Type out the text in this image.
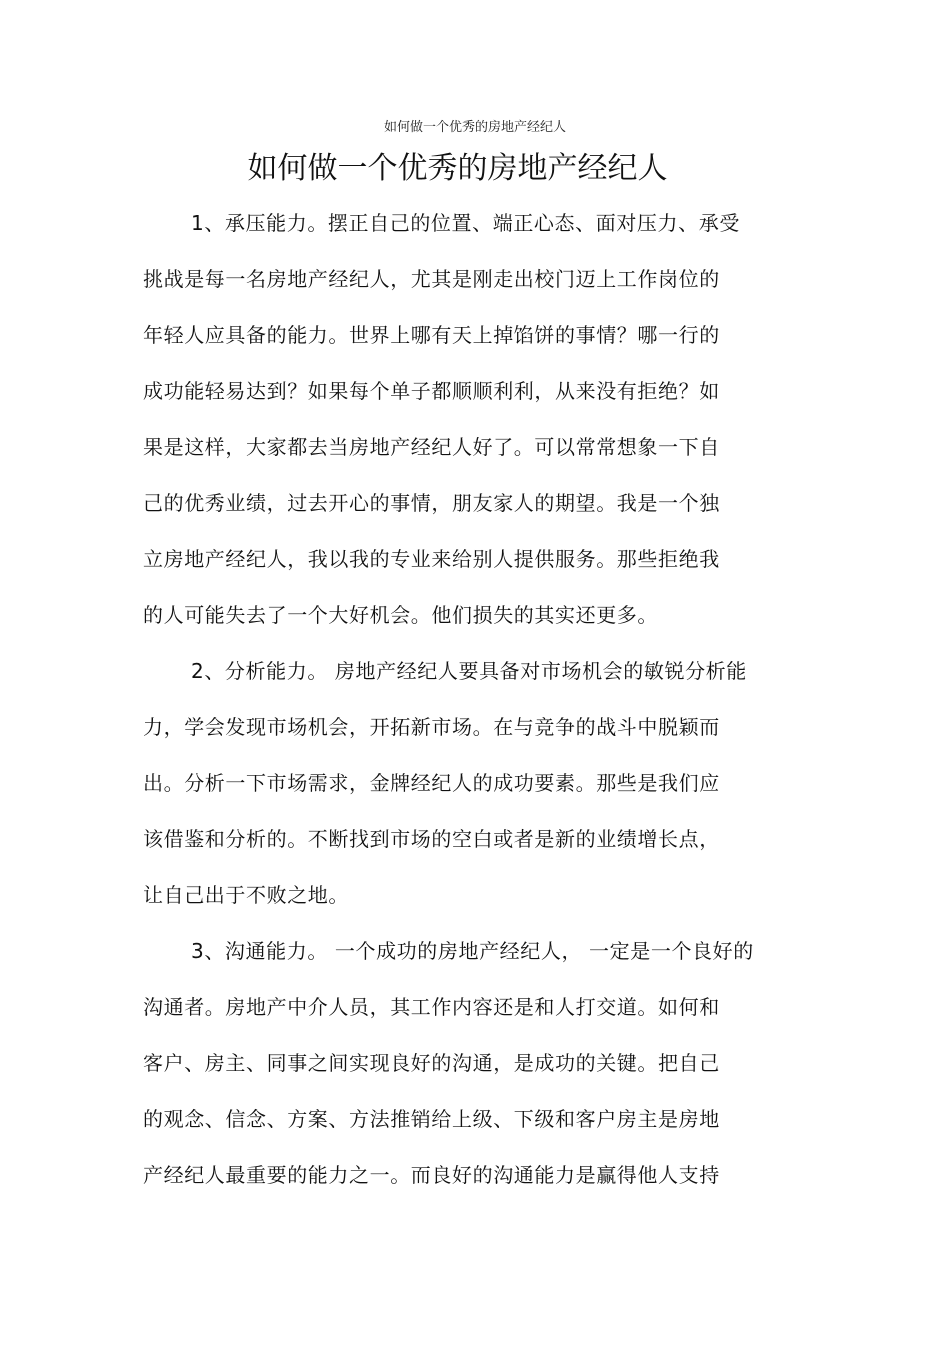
如何做一个优秀的房地产经纪人
如何做一个优秀的房地产经纪人
1、承压能力。摆正自己的位置、端正心态、面对压力、承受
挑战是每一名房地产经纪人，尤其是刚走出校门迈上工作岗位的
年轻人应具备的能力。世界上哪有天上掉馅饼的事情？哪一行的
成功能轻易达到？如果每个单子都顺顺利利，从来没有拒绝？如
果是这样，大家都去当房地产经纪人好了。可以常常想象一下自
己的优秀业绩，过去开心的事情，朋友家人的期望。我是一个独
立房地产经纪人，我以我的专业来给别人提供服务。那些拒绝我
的人可能失去了一个大好机会。他们损失的其实还更多。
2、分析能力。 房地产经纪人要具备对市场机会的敏锐分析能
力，学会发现市场机会，开拓新市场。在与竞争的战斗中脱颖而
出。分析一下市场需求，金牌经纪人的成功要素。那些是我们应
该借鉴和分析的。不断找到市场的空白或者是新的业绩增长点，
让自己出于不败之地。
3、沟通能力。 一个成功的房地产经纪人， 一定是一个良好的
沟通者。房地产中介人员，其工作内容还是和人打交道。如何和
客户、房主、同事之间实现良好的沟通，是成功的关键。把自己
的观念、信念、方案、方法推销给上级、下级和客户房主是房地
产经纪人最重要的能力之一。而良好的沟通能力是赢得他人支持
